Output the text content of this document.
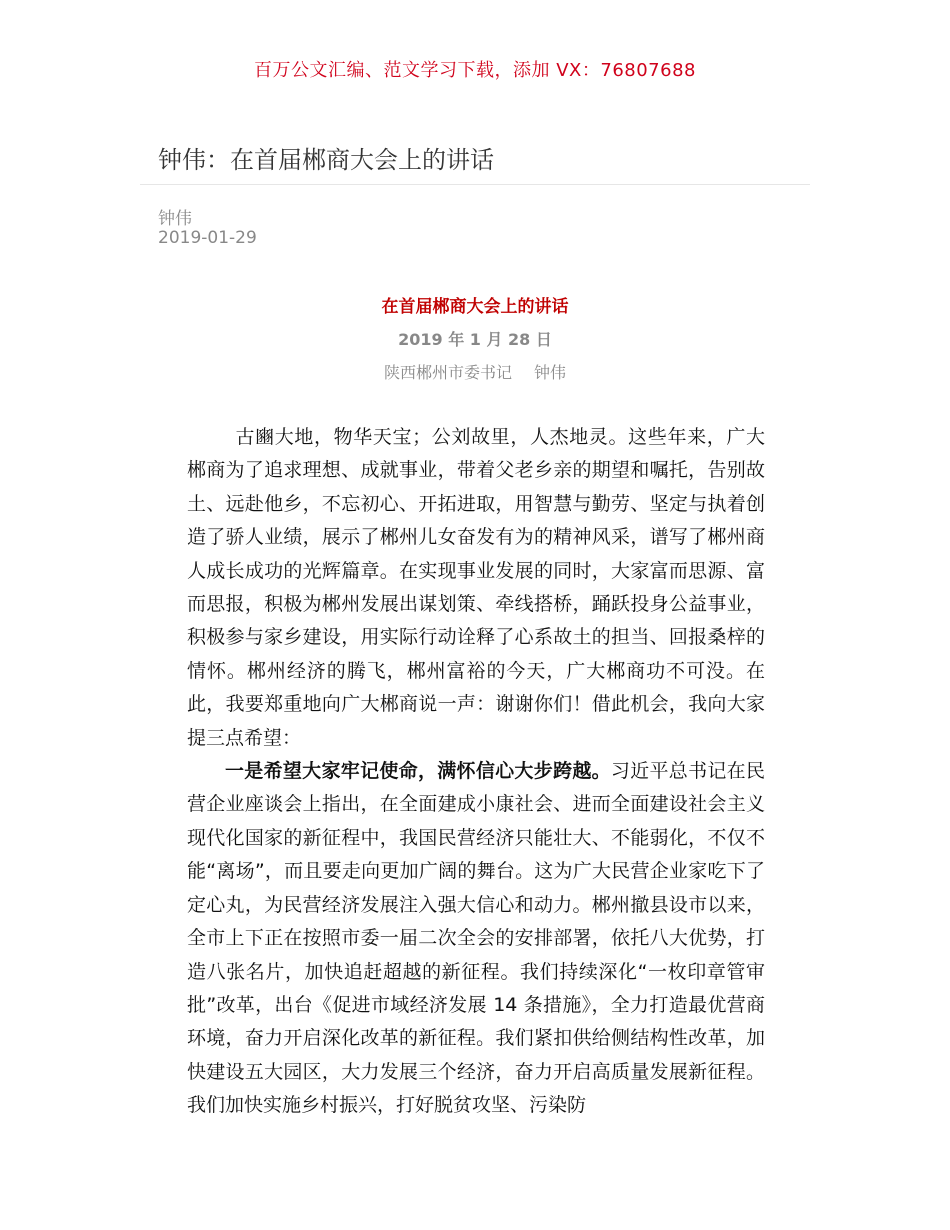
百万公文汇编、范文学习下载，添加 VX：76807688
钟伟：在首届郴商大会上的讲话
钟伟
2019-01-29
在首届郴商大会上的讲话
2019 年 1 月 28 日
陕西郴州市委书记 钟伟

古豳大地，物华天宝；公刘故里，人杰地灵。这些年来，广大郴商为了追求理想、成就事业，带着父老乡亲的期望和嘱托，告别故土、远赴他乡，不忘初心、开拓进取，用智慧与勤劳、坚定与执着创造了骄人业绩，展示了郴州儿女奋发有为的精神风采，谱写了郴州商人成长成功的光辉篇章。在实现事业发展的同时，大家富而思源、富而思报，积极为郴州发展出谋划策、牵线搭桥，踊跃投身公益事业，积极参与家乡建设，用实际行动诠释了心系故土的担当、回报桑梓的情怀。郴州经济的腾飞，郴州富裕的今天，广大郴商功不可没。在此，我要郑重地向广大郴商说一声：谢谢你们！借此机会，我向大家提三点希望：

一是希望大家牢记使命，满怀信心大步跨越。习近平总书记在民营企业座谈会上指出，在全面建成小康社会、进而全面建设社会主义现代化国家的新征程中，我国民营经济只能壮大、不能弱化，不仅不能“离场”，而且要走向更加广阔的舞台。这为广大民营企业家吃下了定心丸，为民营经济发展注入强大信心和动力。郴州撤县设市以来，全市上下正在按照市委一届二次全会的安排部署，依托八大优势，打造八张名片，加快追赶超越的新征程。我们持续深化“一枚印章管审批”改革，出台《促进市域经济发展 14 条措施》，全力打造最优营商环境，奋力开启深化改革的新征程。我们紧扣供给侧结构性改革，加快建设五大园区，大力发展三个经济，奋力开启高质量发展新征程。我们加快实施乡村振兴，打好脱贫攻坚、污染防
